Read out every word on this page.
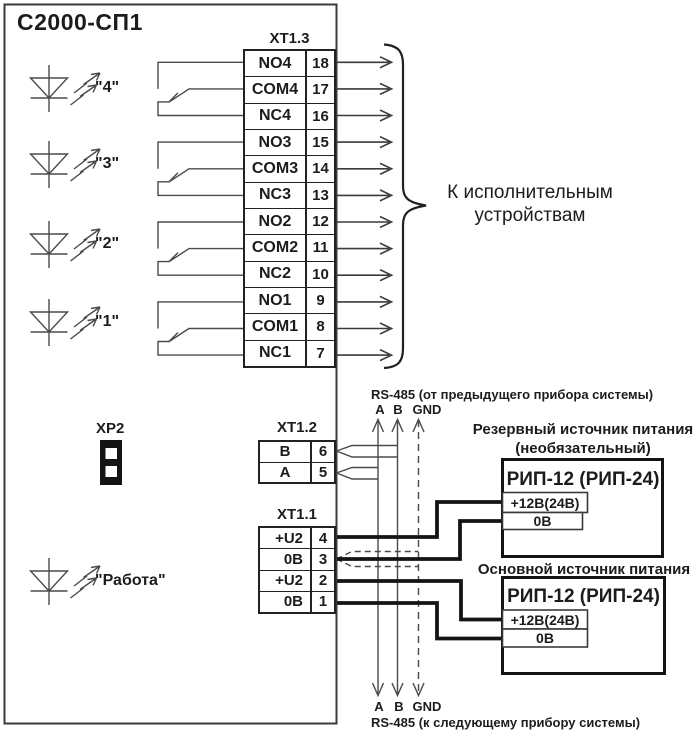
С2000-СП1
"4"
"3"
"2"
"1"
"Работа"
ХР2
ХТ1.3
ХТ1.2
ХТ1.1
NO4	18
COM4 17
NC4	16
NO3	15
COM3 14
NC3	13
NO2	12
COM2 11
NC2	10
NO1	9
COM1	8
NC1	7
B	6
A	5
+U2	4
0В	3
+U2	2
0В	1
К исполнительным
устройствам
RS-485 (от предыдущего прибора системы)
A B GND
A B GND
RS-485 (к следующему прибору системы)
Резервный источник питания
(необязательный)
РИП-12 (РИП-24)
+12В(24В)
0В
Основной источник питания
РИП-12 (РИП-24)
+12В(24В)
0В
